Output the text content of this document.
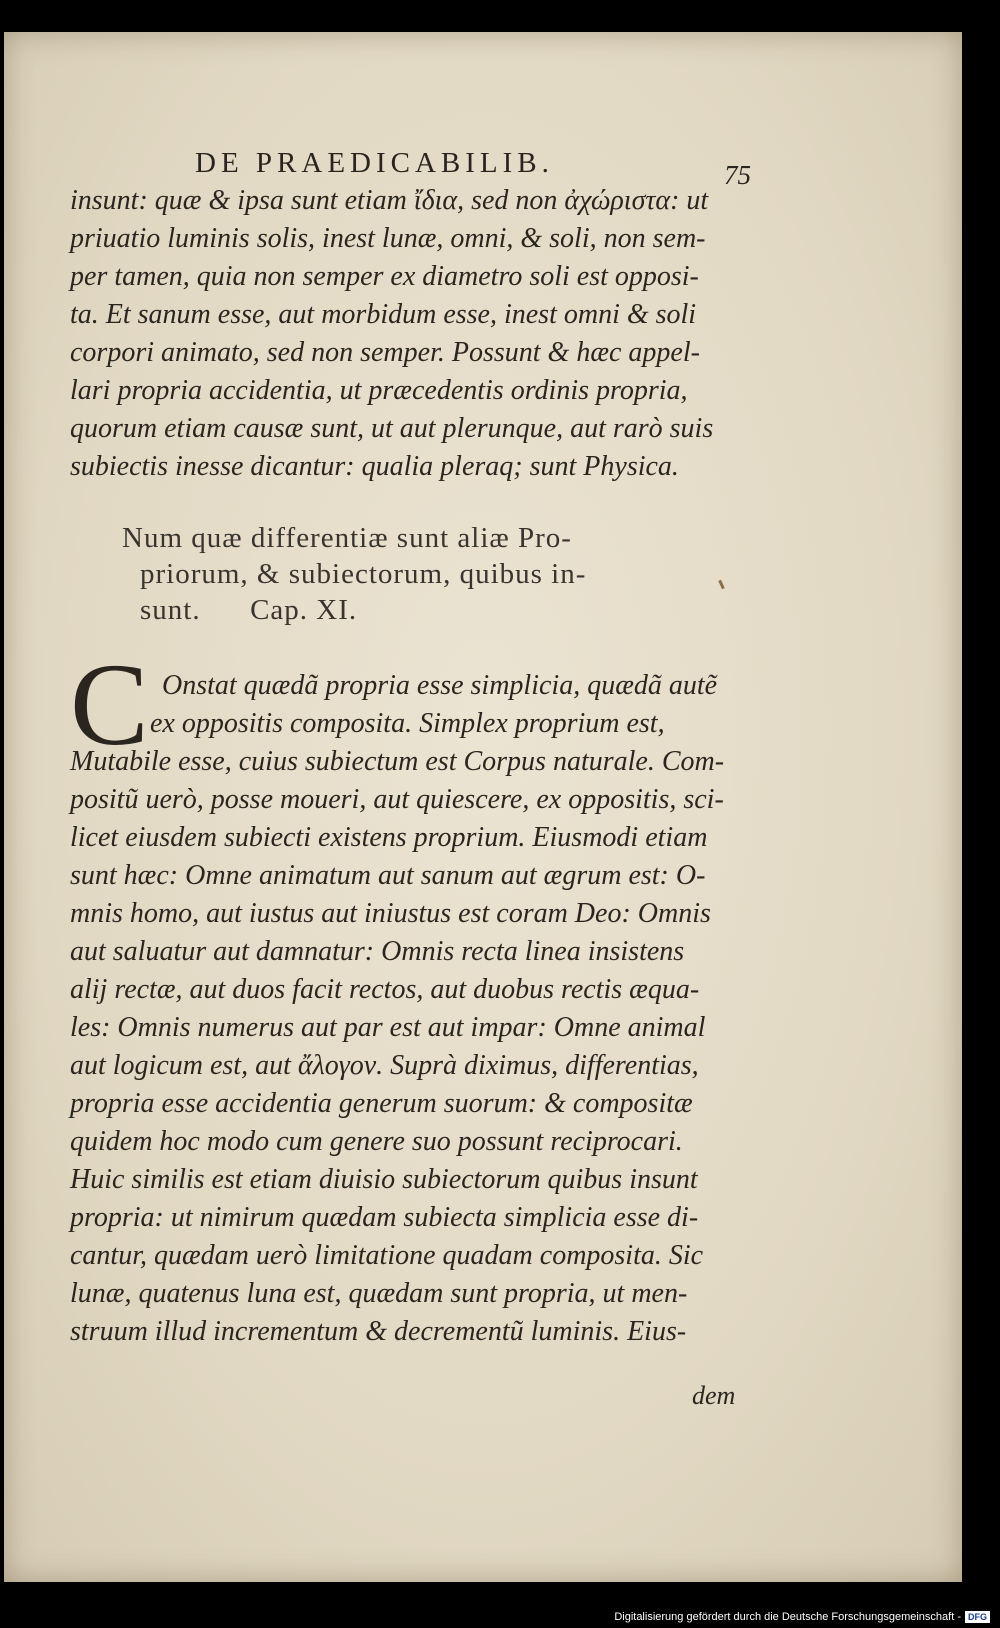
DE PRAEDICABILIB.	75
insunt: quæ & ipsa sunt etiam ἴδια, sed non ἀχώριστα: ut
priuatio luminis solis, inest lunæ, omni, & soli, non sem-
per tamen, quia non semper ex diametro soli est opposi-
ta. Et sanum esse, aut morbidum esse, inest omni & soli
corpori animato, sed non semper. Possunt & hæc appel-
lari propria accidentia, ut præcedentis ordinis propria,
quorum etiam causæ sunt, ut aut plerunque, aut rarò suis
subiectis inesse dicantur: qualia pleraq; sunt Physica.
Num quæ differentiæ sunt aliæ Pro-
priorum, & subiectorum, quibus in-
sunt.      Cap. XI.
C Onstat quædã propria esse simplicia, quædã autẽ
ex oppositis composita. Simplex proprium est,
Mutabile esse, cuius subiectum est Corpus naturale. Com-
positũ uerò, posse moueri, aut quiescere, ex oppositis, sci-
licet eiusdem subiecti existens proprium. Eiusmodi etiam
sunt hæc: Omne animatum aut sanum aut ægrum est: O-
mnis homo, aut iustus aut iniustus est coram Deo: Omnis
aut saluatur aut damnatur: Omnis recta linea insistens
alij rectæ, aut duos facit rectos, aut duobus rectis æqua-
les: Omnis numerus aut par est aut impar: Omne animal
aut logicum est, aut ἄλογον. Suprà diximus, differentias,
propria esse accidentia generum suorum: & compositæ
quidem hoc modo cum genere suo possunt reciprocari.
Huic similis est etiam diuisio subiectorum quibus insunt
propria: ut nimirum quædam subiecta simplicia esse di-
cantur, quædam uerò limitatione quadam composita. Sic
lunæ, quatenus luna est, quædam sunt propria, ut men-
struum illud incrementum & decrementũ luminis. Eius-
dem
Digitalisierung gefördert durch die Deutsche Forschungsgemeinschaft - DFG
